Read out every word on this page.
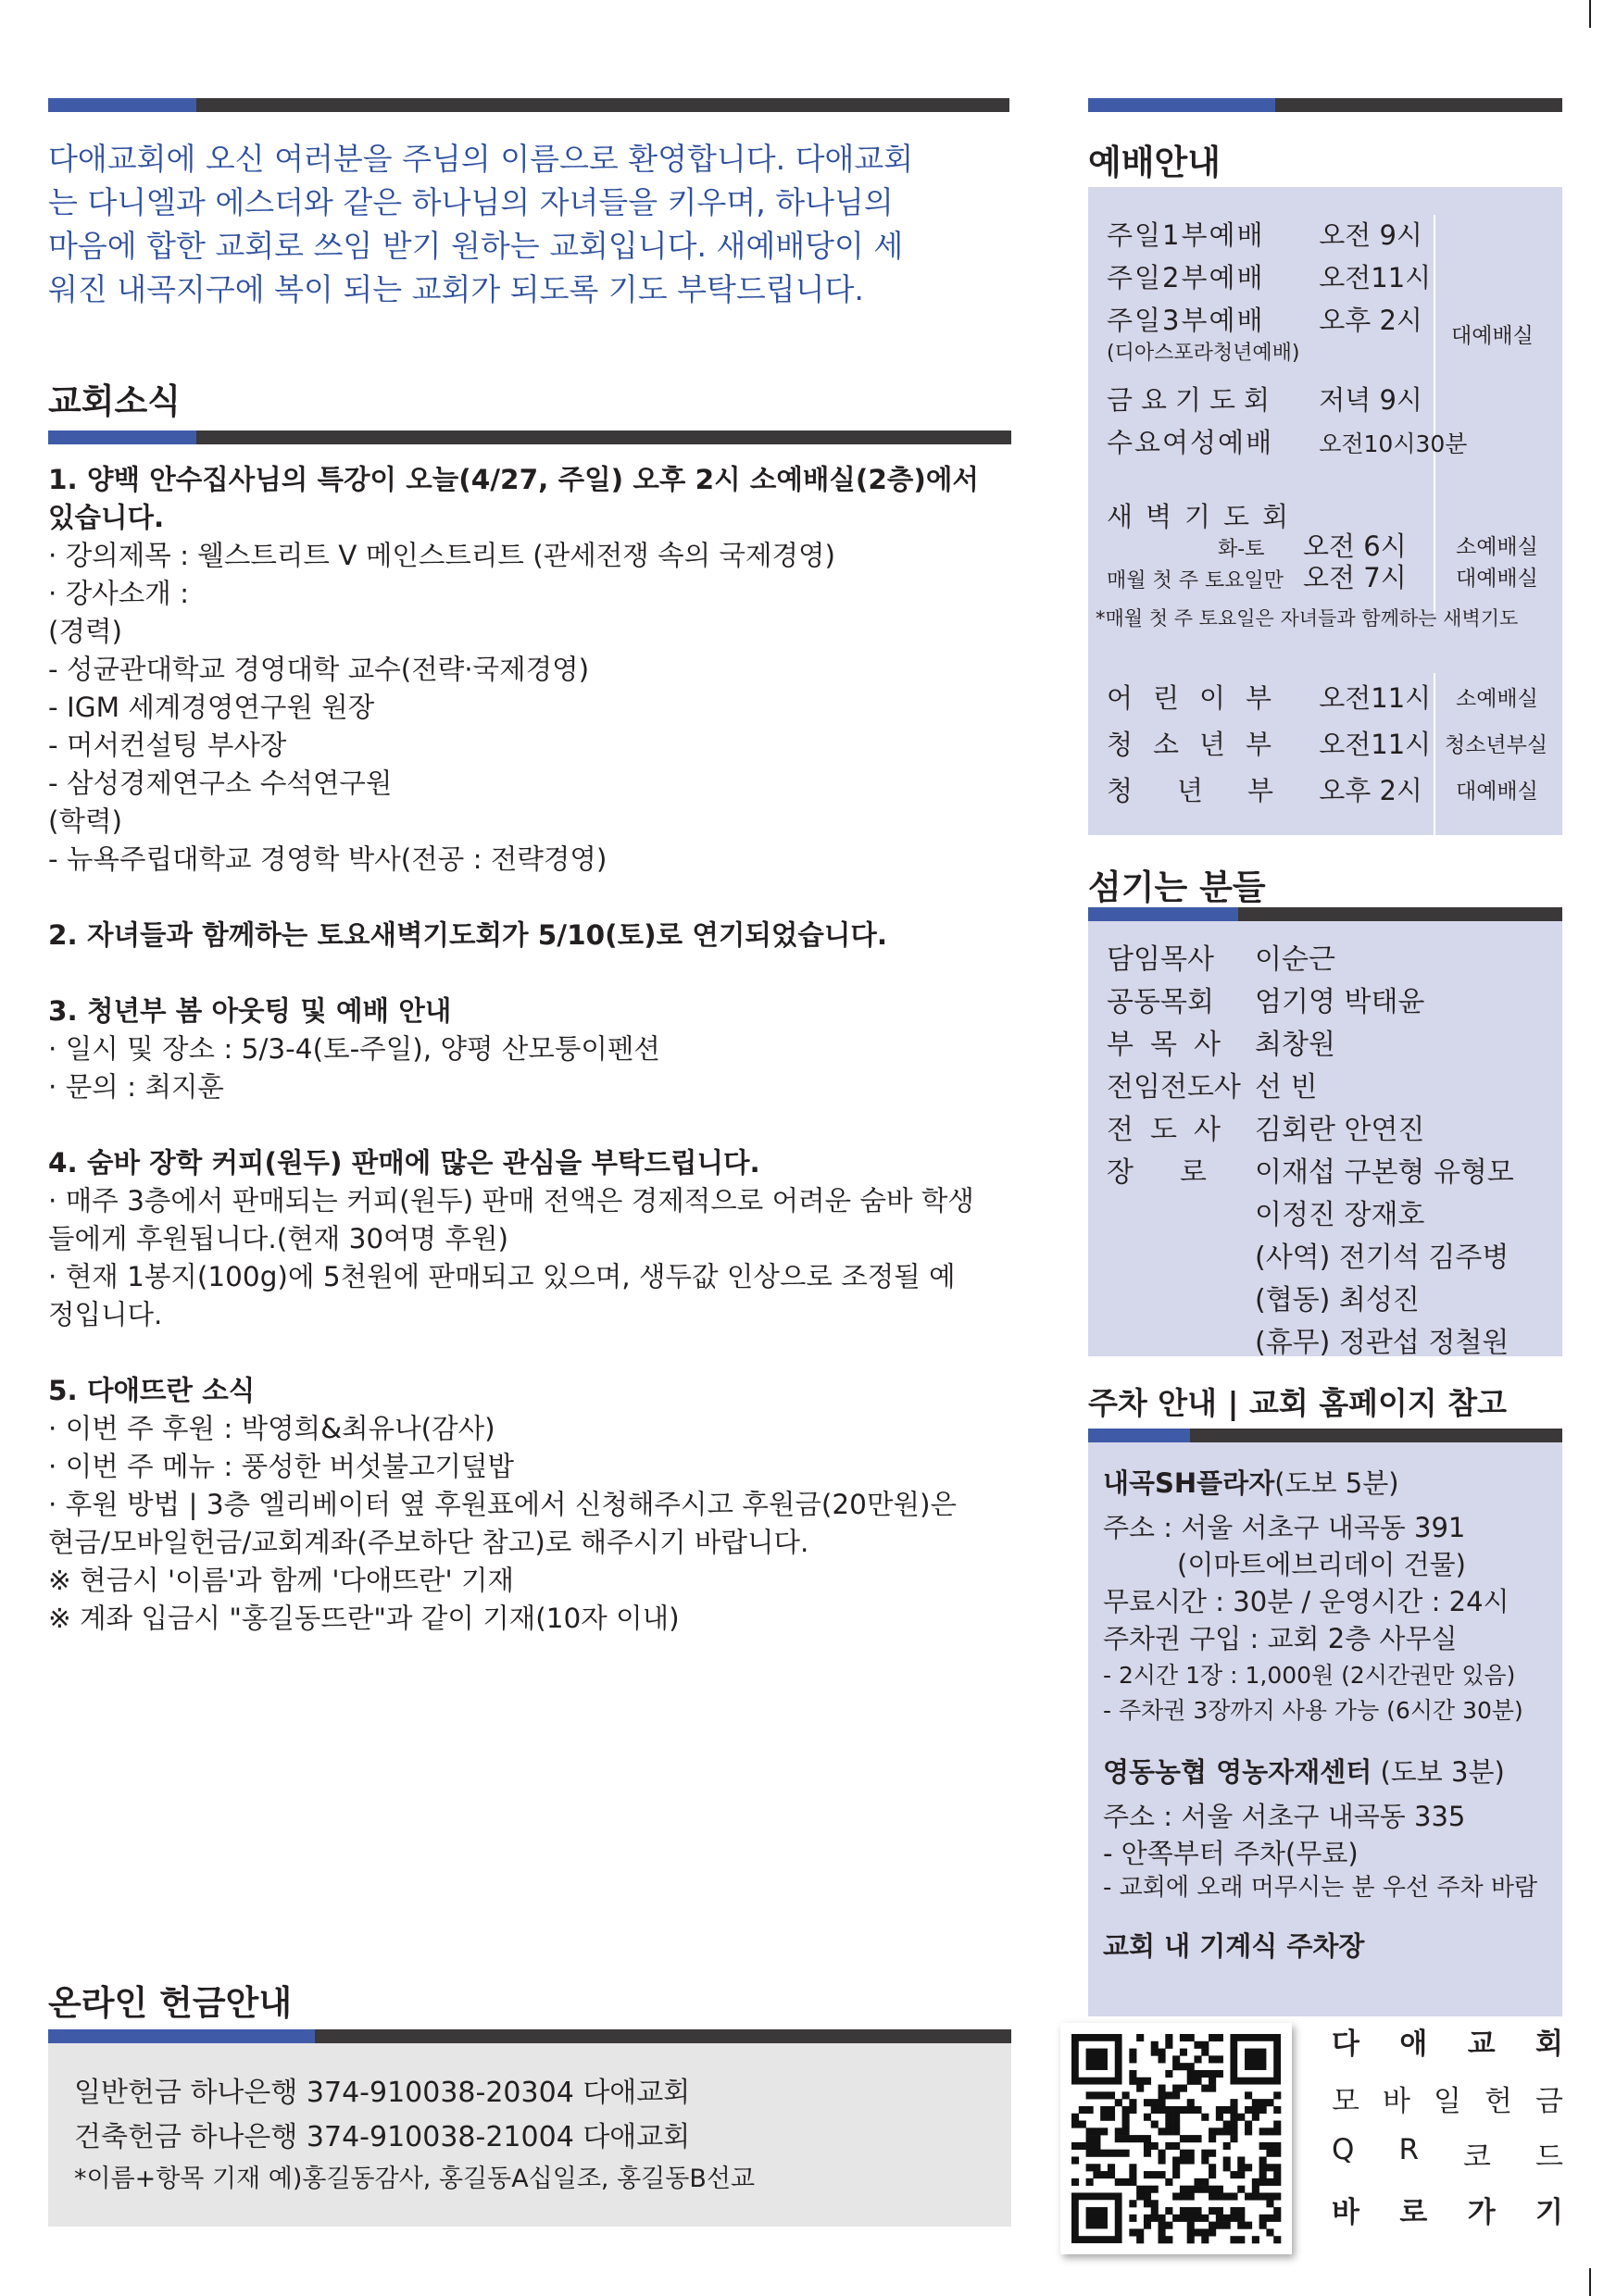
다애교회에 오신 여러분을 주님의 이름으로 환영합니다. 다애교회
는 다니엘과 에스더와 같은 하나님의 자녀들을 키우며, 하나님의
마음에 합한 교회로 쓰임 받기 원하는 교회입니다. 새예배당이 세
워진 내곡지구에 복이 되는 교회가 되도록 기도 부탁드립니다.
교회소식
1. 양백 안수집사님의 특강이 오늘(4/27, 주일) 오후 2시 소예배실(2층)에서
있습니다.
· 강의제목 : 웰스트리트 V 메인스트리트 (관세전쟁 속의 국제경영)
· 강사소개 :
(경력)
- 성균관대학교 경영대학 교수(전략·국제경영)
- IGM 세계경영연구원 원장
- 머서컨설팅 부사장
- 삼성경제연구소 수석연구원
(학력)
- 뉴욕주립대학교 경영학 박사(전공 : 전략경영)
2. 자녀들과 함께하는 토요새벽기도회가 5/10(토)로 연기되었습니다.
3. 청년부 봄 아웃팅 및 예배 안내
· 일시 및 장소 : 5/3-4(토-주일), 양평 산모퉁이펜션
· 문의 : 최지훈
4. 숨바 장학 커피(원두) 판매에 많은 관심을 부탁드립니다.
· 매주 3층에서 판매되는 커피(원두) 판매 전액은 경제적으로 어려운 숨바 학생
들에게 후원됩니다.(현재 30여명 후원)
· 현재 1봉지(100g)에 5천원에 판매되고 있으며, 생두값 인상으로 조정될 예
정입니다.
5. 다애뜨란 소식
· 이번 주 후원 : 박영희&최유나(감사)
· 이번 주 메뉴 : 풍성한 버섯불고기덮밥
· 후원 방법 | 3층 엘리베이터 옆 후원표에서 신청해주시고 후원금(20만원)은
현금/모바일헌금/교회계좌(주보하단 참고)로 해주시기 바랍니다.
※ 현금시 '이름'과 함께 '다애뜨란' 기재
※ 계좌 입금시 "홍길동뜨란"과 같이 기재(10자 이내)
온라인 헌금안내
일반헌금 하나은행 374-910038-20304 다애교회
건축헌금 하나은행 374-910038-21004 다애교회
*이름+항목 기재 예)홍길동감사, 홍길동A십일조, 홍길동B선교
예배안내
주일1부예배 오전 9시
주일2부예배 오전11시
주일3부예배 오후 2시
(디아스포라청년예배)
대예배실
금요기도회 저녁 9시
수요여성예배 오전10시30분
새벽기도회
화-토 오전 6시 소예배실
매월 첫 주 토요일만 오전 7시 대예배실
*매월 첫 주 토요일은 자녀들과 함께하는 새벽기도
어린이부 오전11시 소예배실
청소년부 오전11시 청소년부실
청년부 오후 2시 대예배실
섬기는 분들
담임목사 이순근
공동목회 엄기영 박태윤
부목사 최창원
전임전도사 선 빈
전도사 김회란 안연진
장로이재섭 구본형 유형모
이정진 장재호
(사역) 전기석 김주병
(협동) 최성진
(휴무) 정관섭 정철원
주차 안내 | 교회 홈페이지 참고
내곡SH플라자(도보 5분)
주소 : 서울 서초구 내곡동 391
(이마트에브리데이 건물)
무료시간 : 30분 / 운영시간 : 24시
주차권 구입 : 교회 2층 사무실
- 2시간 1장 : 1,000원 (2시간권만 있음)
- 주차권 3장까지 사용 가능 (6시간 30분)
영동농협 영농자재센터 (도보 3분)
주소 : 서울 서초구 내곡동 335
- 안쪽부터 주차(무료)
- 교회에 오래 머무시는 분 우선 주차 바람
교회 내 기계식 주차장
다 애 교 회
모 바 일 헌 금
Q R 코 드
바 로 가 기
